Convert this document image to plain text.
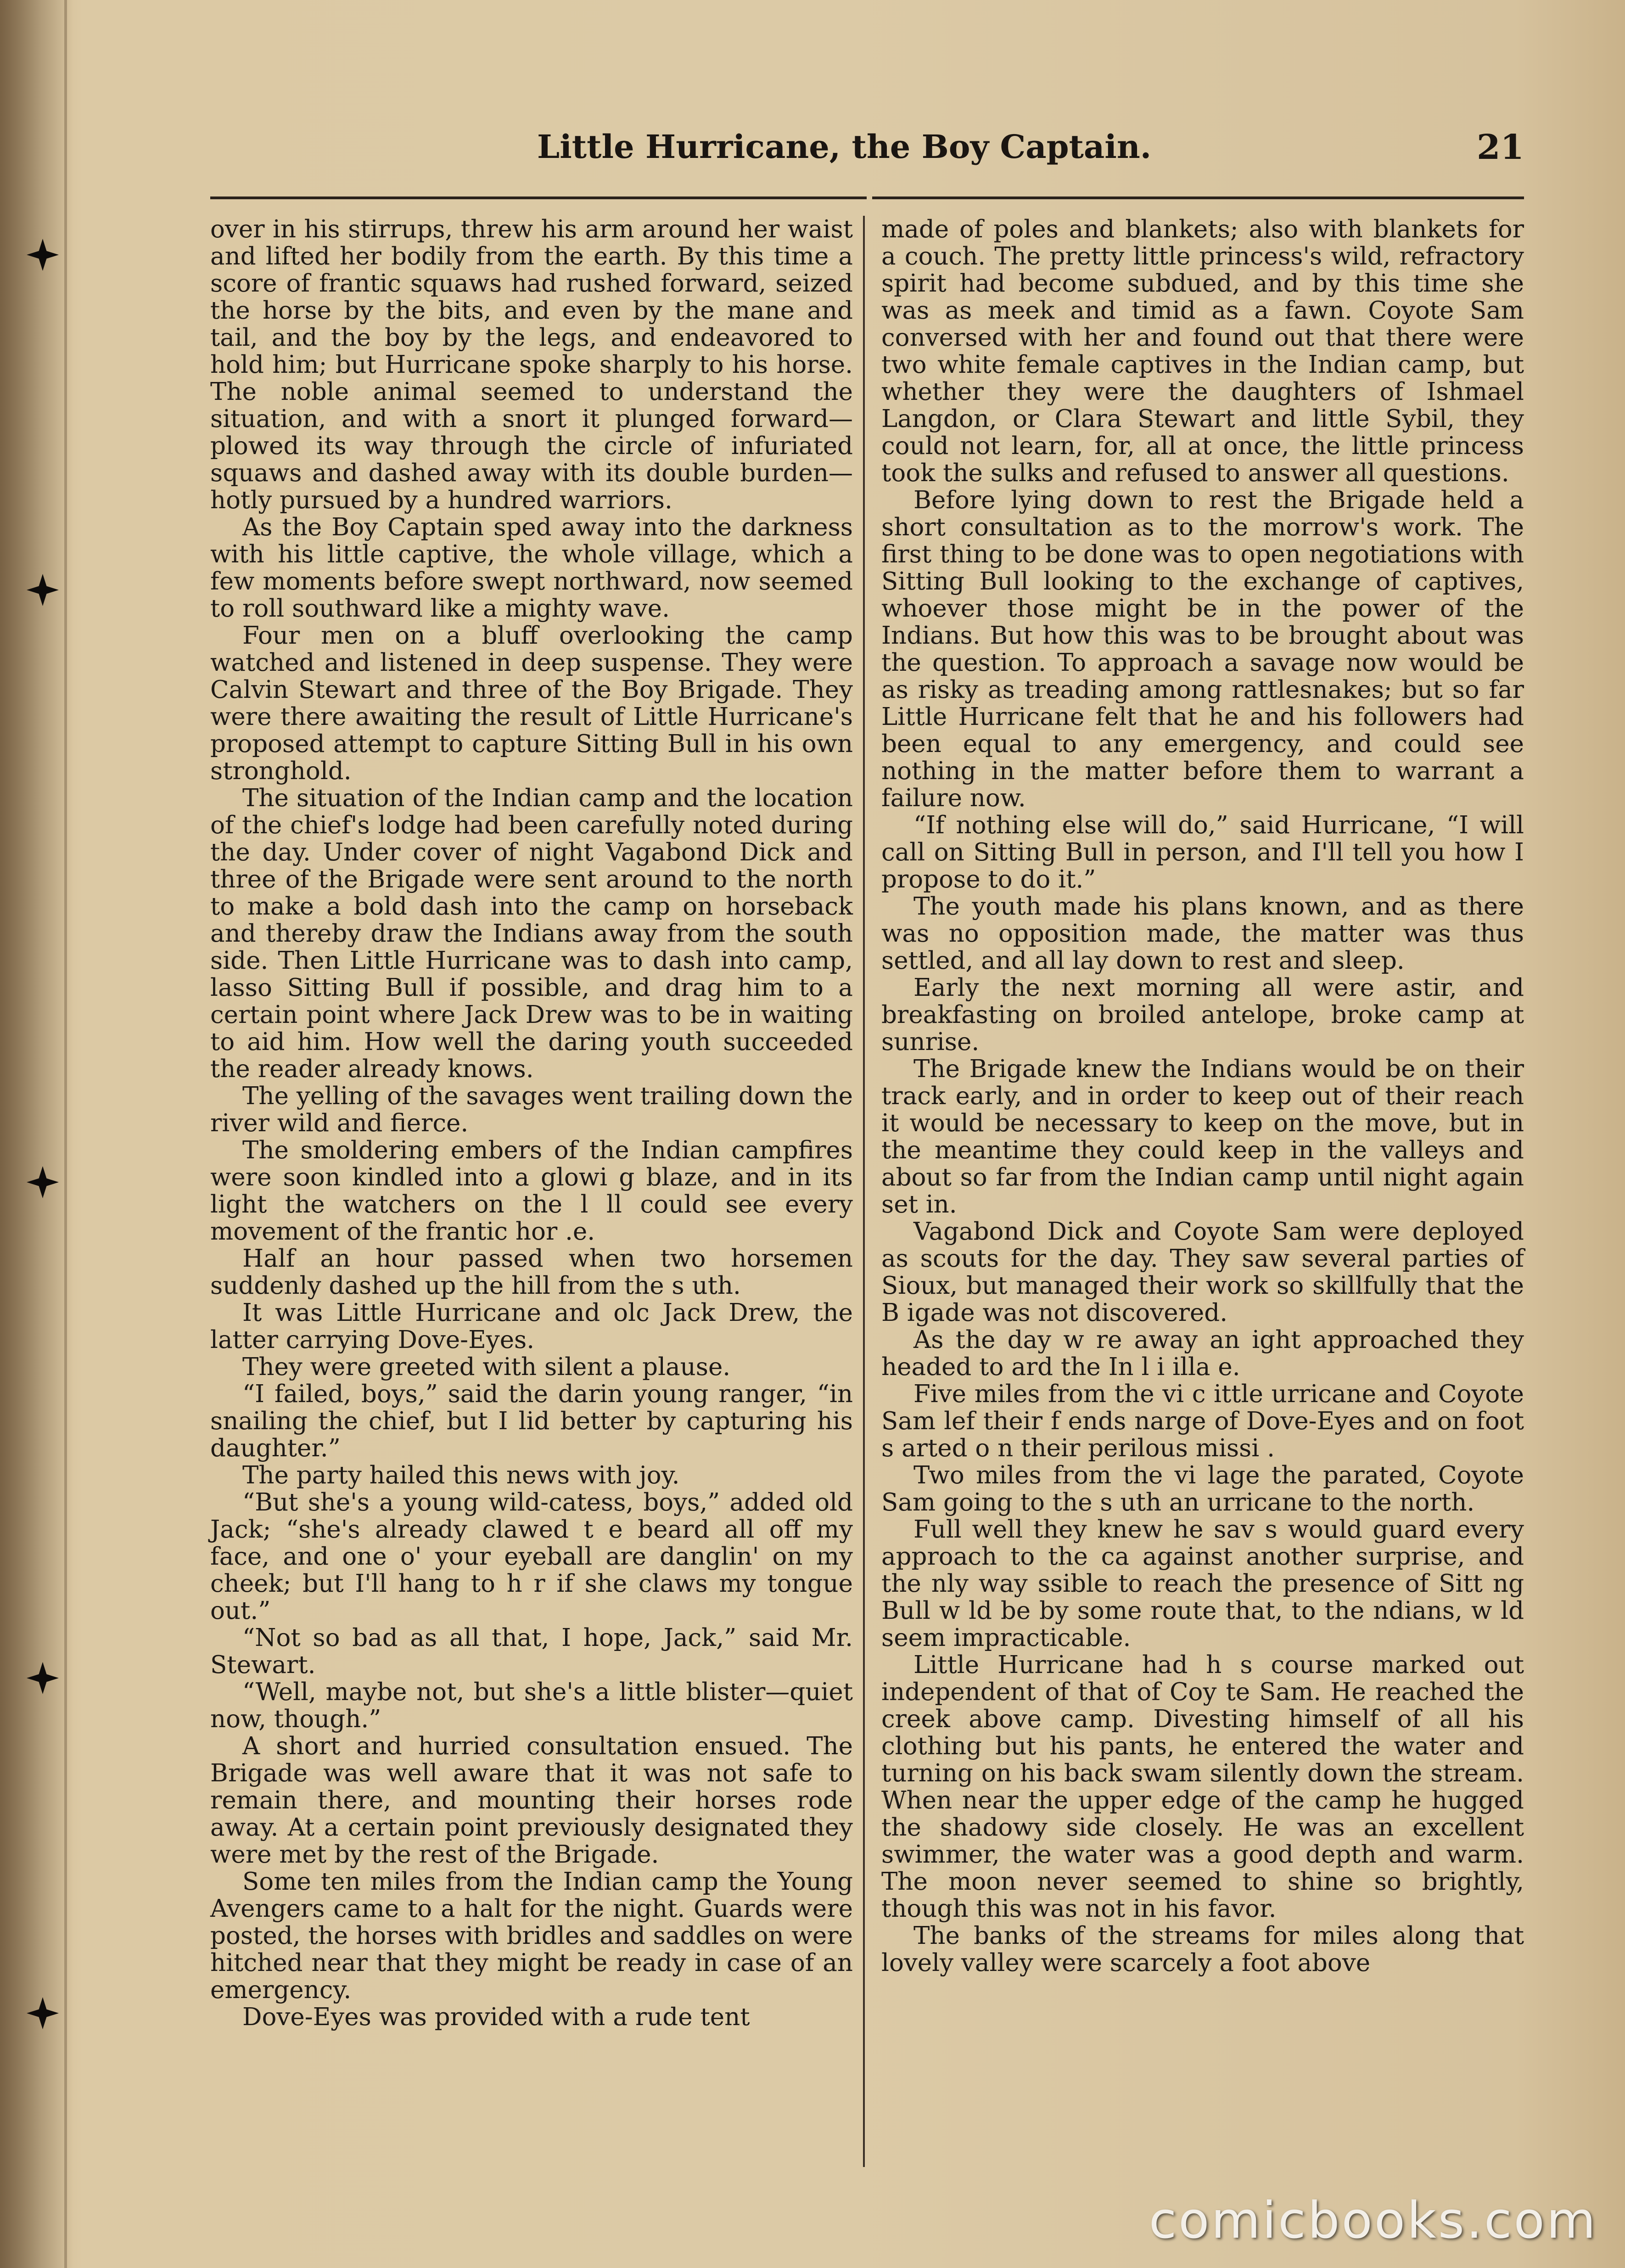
Little Hurricane, the Boy Captain.	21

over in his stirrups, threw his arm around her waist and lifted her bodily from the earth. By this time a score of frantic squaws had rushed forward, seized the horse by the bits, and even by the mane and tail, and the boy by the legs, and endeavored to hold him; but Hurricane spoke sharply to his horse. The noble animal seemed to understand the situation, and with a snort it plunged forward—plowed its way through the circle of infuriated squaws and dashed away with its double burden—hotly pursued by a hundred warriors.

As the Boy Captain sped away into the darkness with his little captive, the whole village, which a few moments before swept northward, now seemed to roll southward like a mighty wave.

Four men on a bluff overlooking the camp watched and listened in deep suspense. They were Calvin Stewart and three of the Boy Brigade. They were there awaiting the result of Little Hurricane's proposed attempt to capture Sitting Bull in his own stronghold.

The situation of the Indian camp and the location of the chief's lodge had been carefully noted during the day. Under cover of night Vagabond Dick and three of the Brigade were sent around to the north to make a bold dash into the camp on horseback and thereby draw the Indians away from the south side. Then Little Hurricane was to dash into camp, lasso Sitting Bull if possible, and drag him to a certain point where Jack Drew was to be in waiting to aid him. How well the daring youth succeeded the reader already knows.

The yelling of the savages went trailing down the river wild and fierce.

The smoldering embers of the Indian campfires were soon kindled into a glowi g blaze, and in its light the watchers on the l ll could see every movement of the frantic hor .e.

Half an hour passed when two horsemen suddenly dashed up the hill from the s uth.

It was Little Hurricane and olc Jack Drew, the latter carrying Dove-Eyes.

They were greeted with silent a plause.

“I failed, boys,” said the darin young ranger, “in snailing the chief, but I lid better by capturing his daughter.”

The party hailed this news with joy.

“But she's a young wild-catess, boys,” added old Jack; “she's already clawed t e beard all off my face, and one o' your eyeball are danglin' on my cheek; but I'll hang to h r if she claws my tongue out.”

“Not so bad as all that, I hope, Jack,” said Mr. Stewart.

“Well, maybe not, but she's a little blister—quiet now, though.”

A short and hurried consultation ensued. The Brigade was well aware that it was not safe to remain there, and mounting their horses rode away. At a certain point previously designated they were met by the rest of the Brigade.

Some ten miles from the Indian camp the Young Avengers came to a halt for the night. Guards were posted, the horses with bridles and saddles on were hitched near that they might be ready in case of an emergency.

Dove-Eyes was provided with a rude tent

made of poles and blankets; also with blankets for a couch. The pretty little princess's wild, refractory spirit had become subdued, and by this time she was as meek and timid as a fawn. Coyote Sam conversed with her and found out that there were two white female captives in the Indian camp, but whether they were the daughters of Ishmael Langdon, or Clara Stewart and little Sybil, they could not learn, for, all at once, the little princess took the sulks and refused to answer all questions.

Before lying down to rest the Brigade held a short consultation as to the morrow's work. The first thing to be done was to open negotiations with Sitting Bull looking to the exchange of captives, whoever those might be in the power of the Indians. But how this was to be brought about was the question. To approach a savage now would be as risky as treading among rattlesnakes; but so far Little Hurricane felt that he and his followers had been equal to any emergency, and could see nothing in the matter before them to warrant a failure now.

“If nothing else will do,” said Hurricane, “I will call on Sitting Bull in person, and I'll tell you how I propose to do it.”

The youth made his plans known, and as there was no opposition made, the matter was thus settled, and all lay down to rest and sleep.

Early the next morning all were astir, and breakfasting on broiled antelope, broke camp at sunrise.

The Brigade knew the Indians would be on their track early, and in order to keep out of their reach it would be necessary to keep on the move, but in the meantime they could keep in the valleys and about so far from the Indian camp until night again set in.

Vagabond Dick and Coyote Sam were deployed as scouts for the day. They saw several parties of Sioux, but managed their work so skillfully that the B igade was not discovered.

As the day w re away an ight approached they headed to ard the In l i illa e.

Five miles from the vi c ittle urricane and Coyote Sam lef their f ends narge of Dove-Eyes and on foot s arted o n their perilous missi .

Two miles from the vi lage the parated, Coyote Sam going to the s uth an urricane to the north.

Full well they knew he sav s would guard every approach to the ca against another surprise, and the nly way ssible to reach the presence of Sitt ng Bull w ld be by some route that, to the ndians, w ld seem impracticable.

Little Hurricane had h s course marked out independent of that of Coy te Sam. He reached the creek above camp. Divesting himself of all his clothing but his pants, he entered the water and turning on his back swam silently down the stream. When near the upper edge of the camp he hugged the shadowy side closely. He was an excellent swimmer, the water was a good depth and warm. The moon never seemed to shine so brightly, though this was not in his favor.

The banks of the streams for miles along that lovely valley were scarcely a foot above

comicbooks.com
